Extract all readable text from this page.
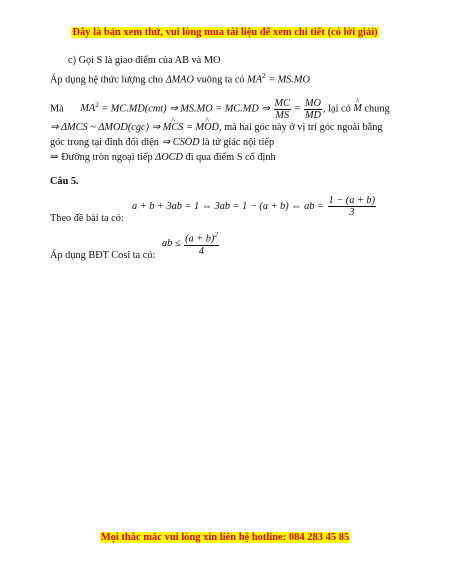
Đây là bản xem thử, vui lòng mua tài liệu để xem chi tiết (có lời giải)
c) Gọi S là giao điểm của AB và MO
Áp dụng hệ thức lượng cho ΔMAO vuông ta có $MA^2 = MS.MO$
Mà $MA^2 = MC.MD(cmt)$ ⇒ MS.MO = MC.MD ⇒ $\frac{MC}{MS} = \frac{MO}{MD}$ , lại có ^ M chung
⇒ ΔMCS ~ ΔMOD(cgc) ⇒ ^ MCS = ^ MOD, mà hai góc này ở vị trí góc ngoài bằng
góc trong tại đỉnh đối diện ⇒ CSOD là tứ giác nội tiếp
⇒ Đường tròn ngoại tiếp ΔOCD đi qua điểm S cố định
Câu 5.
a + b + 3ab = 1 ⇔ 3ab = 1 − (a + b) ⇔ ab = $\frac{1 - (a + b)}{3}$
Theo đề bài ta có:
ab ≤ $\frac{(a + b)^2}{4}$
Áp dụng BĐT Cosi ta có:
Mọi thắc mắc vui lòng xin liên hệ hotline: 084 283 45 85
